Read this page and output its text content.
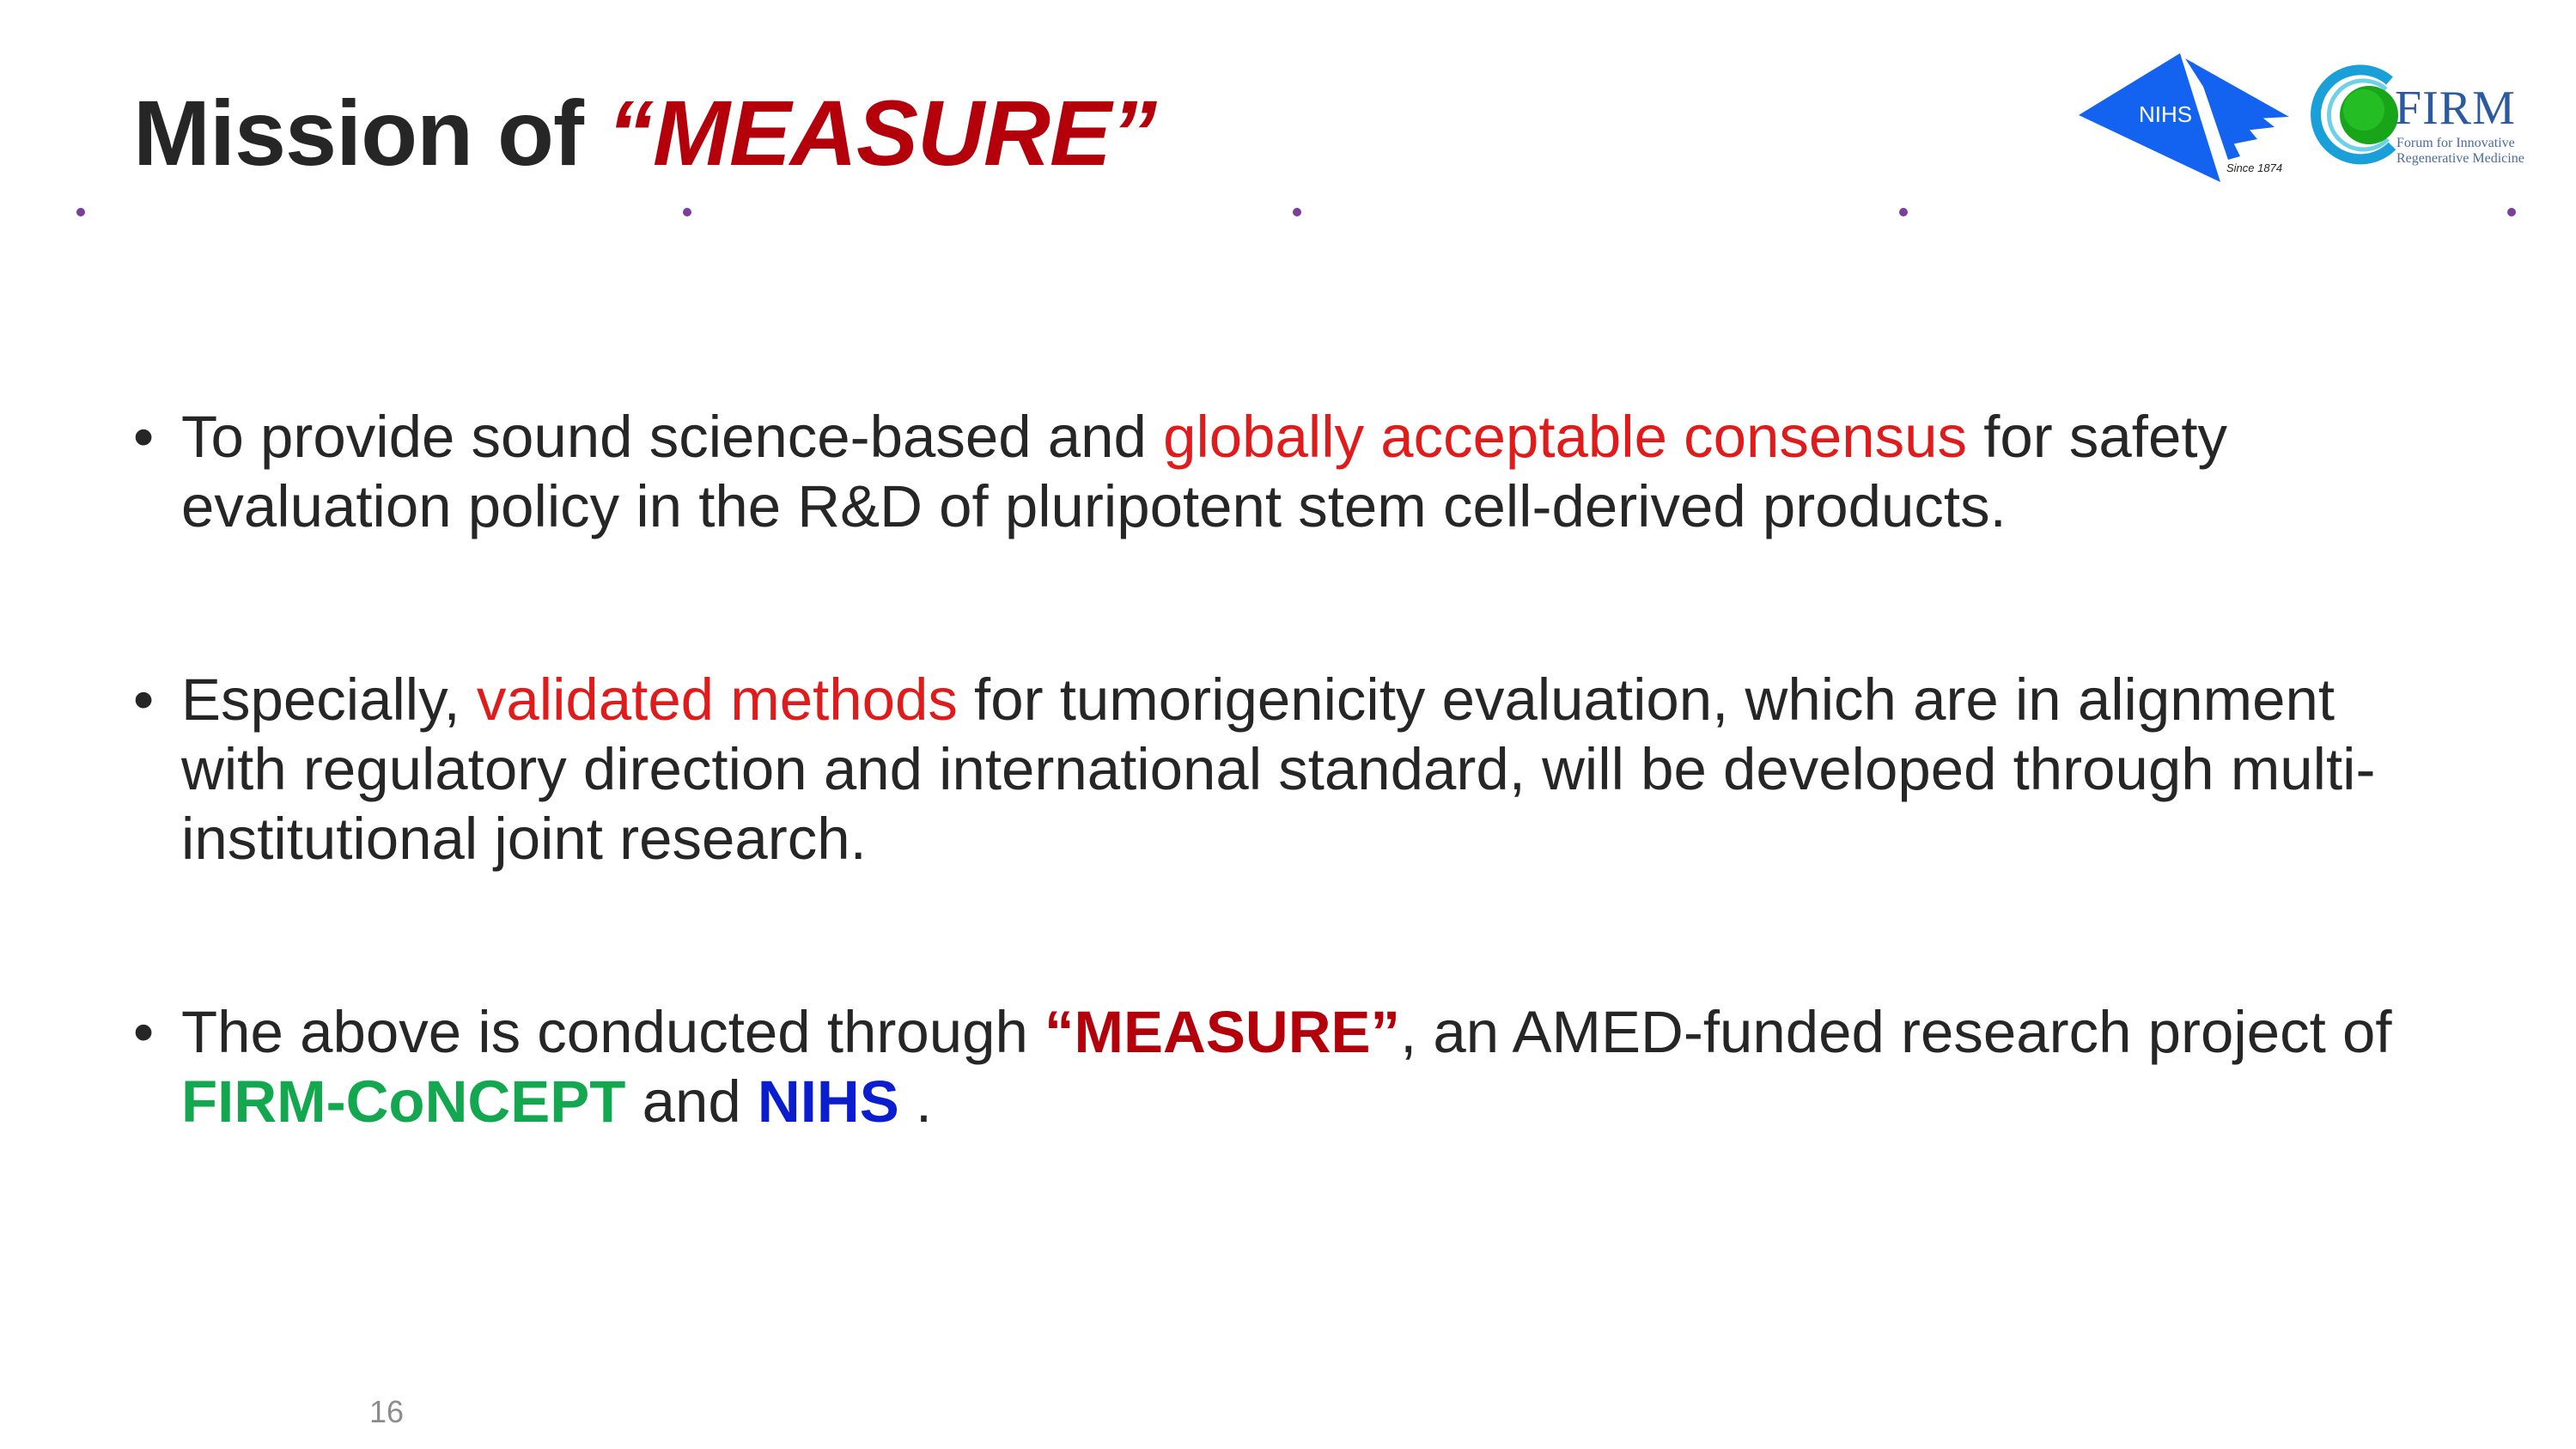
Mission of “MEASURE”	NIHS
Since 1874
FIRM
Forum for Innovative
Regenerative Medicine
• To provide sound science-based and globally acceptable consensus for safety evaluation policy in the R&D of pluripotent stem cell-derived products.
• Especially, validated methods for tumorigenicity evaluation, which are in alignment with regulatory direction and international standard, will be developed through multi-institutional joint research.
• The above is conducted through “MEASURE”, an AMED-funded research project of FIRM-CoNCEPT and NIHS .
16
